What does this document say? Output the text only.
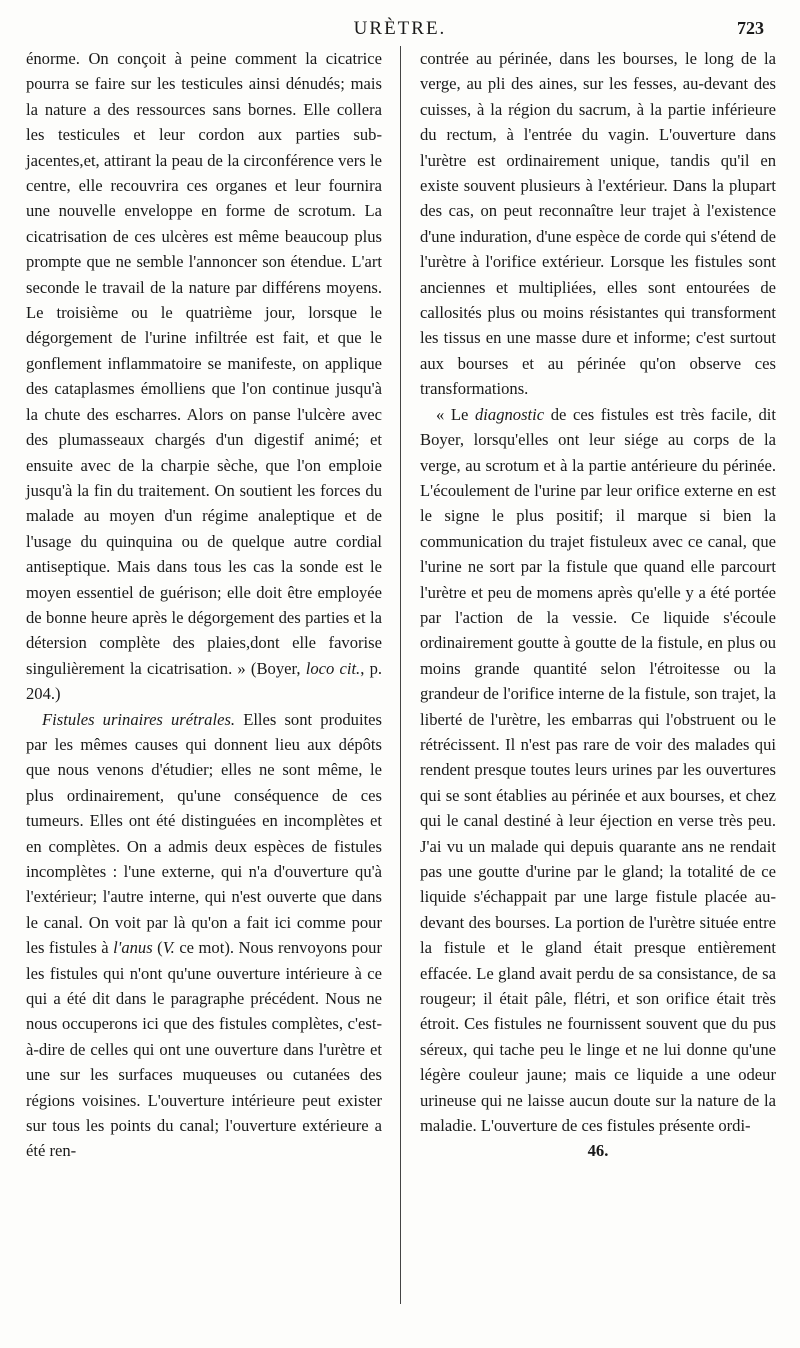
URÈTRE.	723

énorme. On conçoit à peine comment la cicatrice pourra se faire sur les testicules ainsi dénudés; mais la nature a des ressources sans bornes. Elle collera les testicules et leur cordon aux parties sub-jacentes,et, attirant la peau de la circonférence vers le centre, elle recouvrira ces organes et leur fournira une nouvelle enveloppe en forme de scrotum. La cicatrisation de ces ulcères est même beaucoup plus prompte que ne semble l'annoncer son étendue. L'art seconde le travail de la nature par différens moyens. Le troisième ou le quatrième jour, lorsque le dégorgement de l'urine infiltrée est fait, et que le gonflement inflammatoire se manifeste, on applique des cataplasmes émolliens que l'on continue jusqu'à la chute des escharres. Alors on panse l'ulcère avec des plumasseaux chargés d'un digestif animé; et ensuite avec de la charpie sèche, que l'on emploie jusqu'à la fin du traitement. On soutient les forces du malade au moyen d'un régime analeptique et de l'usage du quinquina ou de quelque autre cordial antiseptique. Mais dans tous les cas la sonde est le moyen essentiel de guérison; elle doit être employée de bonne heure après le dégorgement des parties et la détersion complète des plaies,dont elle favorise singulièrement la cicatrisation. » (Boyer, loco cit., p. 204.)

Fistules urinaires urétrales. Elles sont produites par les mêmes causes qui donnent lieu aux dépôts que nous venons d'étudier; elles ne sont même, le plus ordinairement, qu'une conséquence de ces tumeurs. Elles ont été distinguées en incomplètes et en complètes. On a admis deux espèces de fistules incomplètes : l'une externe, qui n'a d'ouverture qu'à l'extérieur; l'autre interne, qui n'est ouverte que dans le canal. On voit par là qu'on a fait ici comme pour les fistules à l'anus (V. ce mot). Nous renvoyons pour les fistules qui n'ont qu'une ouverture intérieure à ce qui a été dit dans le paragraphe précédent. Nous ne nous occuperons ici que des fistules complètes, c'est-à-dire de celles qui ont une ouverture dans l'urètre et une sur les surfaces muqueuses ou cutanées des régions voisines. L'ouverture intérieure peut exister sur tous les points du canal; l'ouverture extérieure a été ren-

contrée au périnée, dans les bourses, le long de la verge, au pli des aines, sur les fesses, au-devant des cuisses, à la région du sacrum, à la partie inférieure du rectum, à l'entrée du vagin. L'ouverture dans l'urètre est ordinairement unique, tandis qu'il en existe souvent plusieurs à l'extérieur. Dans la plupart des cas, on peut reconnaître leur trajet à l'existence d'une induration, d'une espèce de corde qui s'étend de l'urètre à l'orifice extérieur. Lorsque les fistules sont anciennes et multipliées, elles sont entourées de callosités plus ou moins résistantes qui transforment les tissus en une masse dure et informe; c'est surtout aux bourses et au périnée qu'on observe ces transformations.

« Le diagnostic de ces fistules est très facile, dit Boyer, lorsqu'elles ont leur siége au corps de la verge, au scrotum et à la partie antérieure du périnée. L'écoulement de l'urine par leur orifice externe en est le signe le plus positif; il marque si bien la communication du trajet fistuleux avec ce canal, que l'urine ne sort par la fistule que quand elle parcourt l'urètre et peu de momens après qu'elle y a été portée par l'action de la vessie. Ce liquide s'écoule ordinairement goutte à goutte de la fistule, en plus ou moins grande quantité selon l'étroitesse ou la grandeur de l'orifice interne de la fistule, son trajet, la liberté de l'urètre, les embarras qui l'obstruent ou le rétrécissent. Il n'est pas rare de voir des malades qui rendent presque toutes leurs urines par les ouvertures qui se sont établies au périnée et aux bourses, et chez qui le canal destiné à leur éjection en verse très peu. J'ai vu un malade qui depuis quarante ans ne rendait pas une goutte d'urine par le gland; la totalité de ce liquide s'échappait par une large fistule placée au-devant des bourses. La portion de l'urètre située entre la fistule et le gland était presque entièrement effacée. Le gland avait perdu de sa consistance, de sa rougeur; il était pâle, flétri, et son orifice était très étroit. Ces fistules ne fournissent souvent que du pus séreux, qui tache peu le linge et ne lui donne qu'une légère couleur jaune; mais ce liquide a une odeur urineuse qui ne laisse aucun doute sur la nature de la maladie. L'ouverture de ces fistules présente ordi-

46.
